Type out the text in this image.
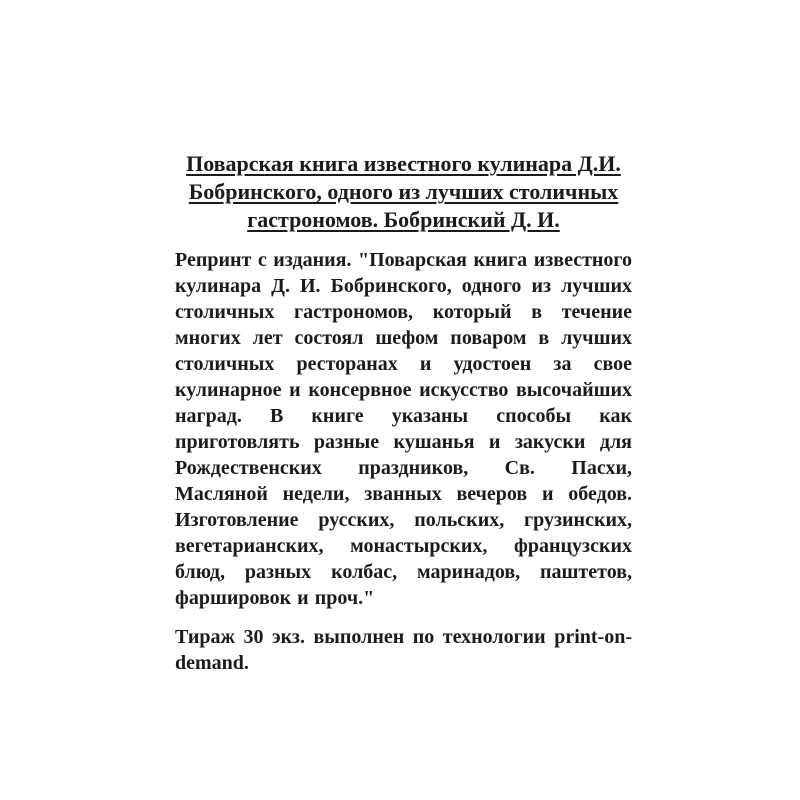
Поварская книга известного кулинара Д.И.
Бобринского, одного из лучших столичных
гастрономов. Бобринский Д. И.

Репринт с издания. "Поварская книга известного кулинара Д. И. Бобринского, одного из лучших столичных гастрономов, который в течение многих лет состоял шефом поваром в лучших столичных ресторанах и удостоен за свое кулинарное и консервное искусство высочайших наград. В книге указаны способы как приготовлять разные кушанья и закуски для Рождественских праздников, Св. Пасхи, Масляной недели, званных вечеров и обедов. Изготовление русских, польских, грузинских, вегетарианских, монастырских, французских блюд, разных колбас, маринадов, паштетов, фаршировок и проч."

Тираж 30 экз. выполнен по технологии print-on-demand.
